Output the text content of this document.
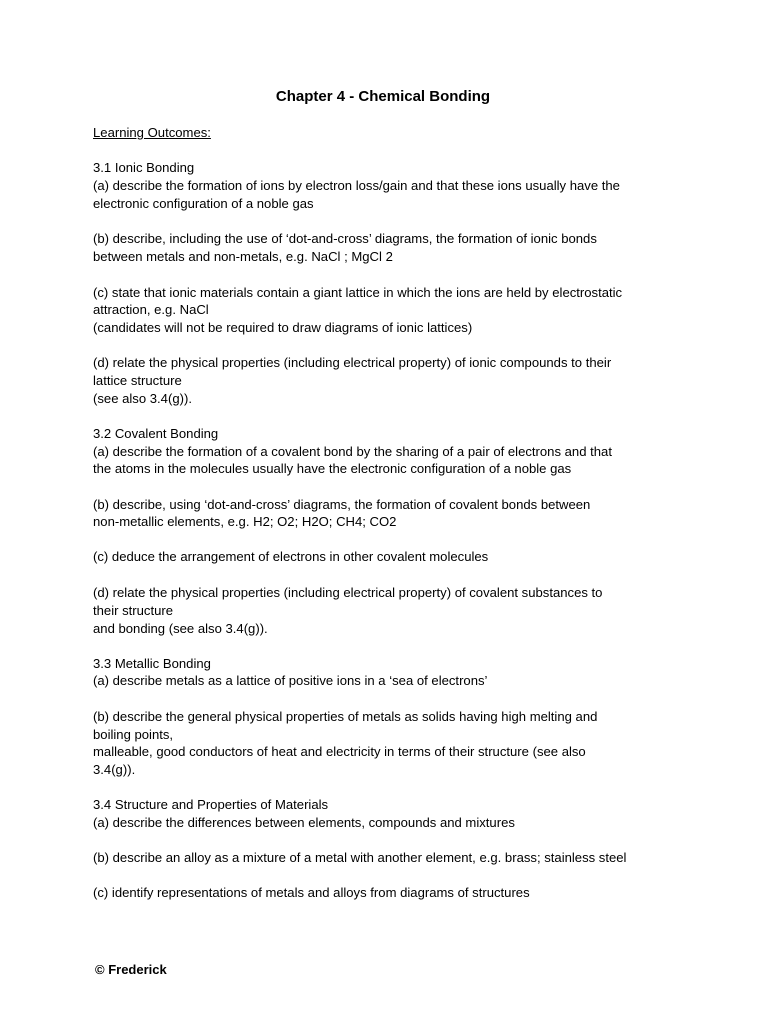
Chapter 4 - Chemical Bonding
Learning Outcomes:
3.1 Ionic Bonding
(a) describe the formation of ions by electron loss/gain and that these ions usually have the
electronic configuration of a noble gas
(b) describe, including the use of ‘dot-and-cross’ diagrams, the formation of ionic bonds
between metals and non-metals, e.g. NaCl ; MgCl 2
(c) state that ionic materials contain a giant lattice in which the ions are held by electrostatic
attraction, e.g. NaCl
(candidates will not be required to draw diagrams of ionic lattices)
(d) relate the physical properties (including electrical property) of ionic compounds to their
lattice structure
(see also 3.4(g)).
3.2 Covalent Bonding
(a) describe the formation of a covalent bond by the sharing of a pair of electrons and that
the atoms in the molecules usually have the electronic configuration of a noble gas
(b) describe, using ‘dot-and-cross’ diagrams, the formation of covalent bonds between
non-metallic elements, e.g. H2; O2; H2O; CH4; CO2
(c) deduce the arrangement of electrons in other covalent molecules
(d) relate the physical properties (including electrical property) of covalent substances to
their structure
and bonding (see also 3.4(g)).
3.3 Metallic Bonding
(a) describe metals as a lattice of positive ions in a ‘sea of electrons’
(b) describe the general physical properties of metals as solids having high melting and
boiling points,
malleable, good conductors of heat and electricity in terms of their structure (see also
3.4(g)).
3.4 Structure and Properties of Materials
(a) describe the differences between elements, compounds and mixtures
(b) describe an alloy as a mixture of a metal with another element, e.g. brass; stainless steel
(c) identify representations of metals and alloys from diagrams of structures
© Frederick
